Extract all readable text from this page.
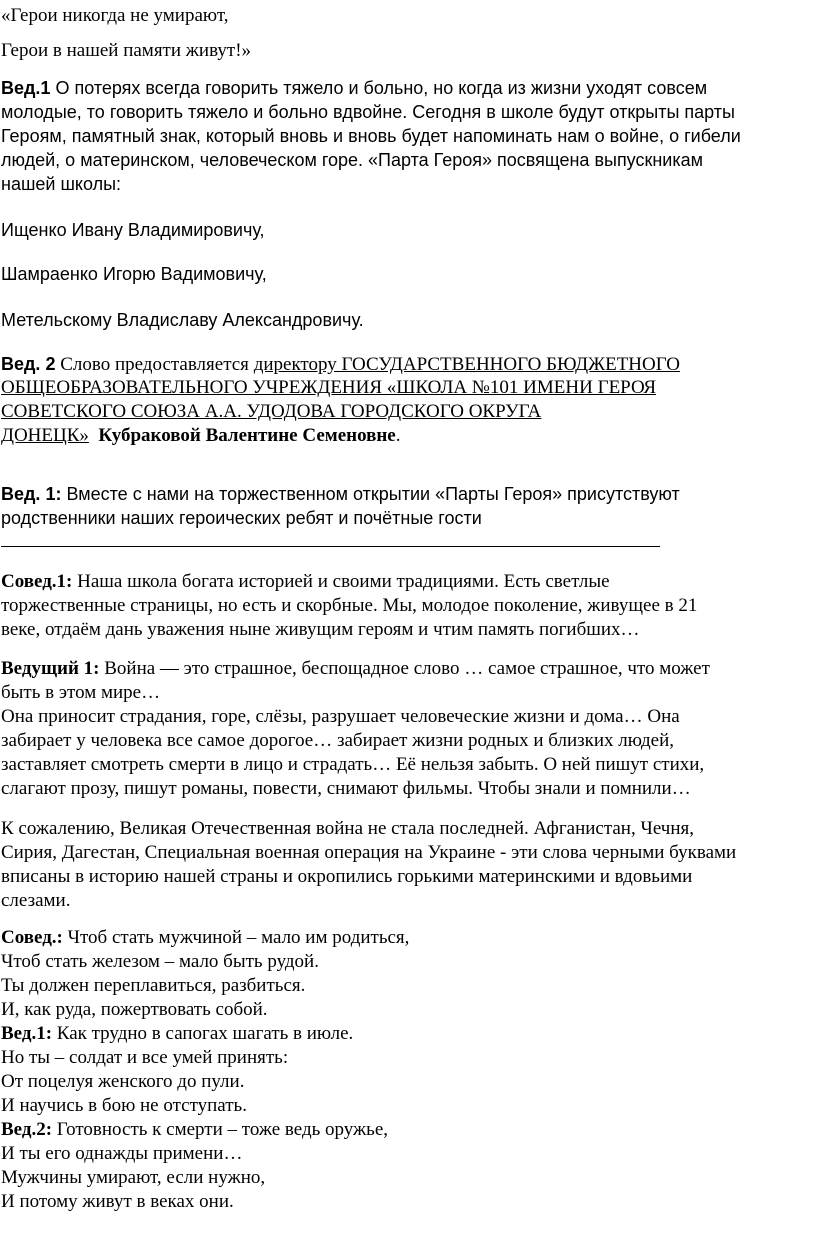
«Герои никогда не умирают,
Герои в нашей памяти живут!»
Вед.1 О потерях всегда говорить тяжело и больно, но когда из жизни уходят совсем
молодые, то говорить тяжело и больно вдвойне. Сегодня в школе будут открыты парты
Героям, памятный знак, который вновь и вновь будет напоминать нам о войне, о гибели
людей, о материнском, человеческом горе. «Парта Героя» посвящена выпускникам
нашей школы:
Ищенко Ивану Владимировичу,
Шамраенко Игорю Вадимовичу,
Метельскому Владиславу Александровичу.
Вед. 2 Слово предоставляется директору ГОСУДАРСТВЕННОГО БЮДЖЕТНОГО
ОБЩЕОБРАЗОВАТЕЛЬНОГО УЧРЕЖДЕНИЯ «ШКОЛА №101 ИМЕНИ ГЕРОЯ
СОВЕТСКОГО СОЮЗА А.А. УДОДОВА ГОРОДСКОГО ОКРУГА
ДОНЕЦК» Кубраковой Валентине Семеновне.
Вед. 1: Вместе с нами на торжественном открытии «Парты Героя» присутствуют
родственники наших героических ребят и почётные гости
Совед.1: Наша школа богата историей и своими традициями. Есть светлые
торжественные страницы, но есть и скорбные. Мы, молодое поколение, живущее в 21
веке, отдаём дань уважения ныне живущим героям и чтим память погибших…
Ведущий 1: Война — это страшное, беспощадное слово … самое страшное, что может
быть в этом мире…
Она приносит страдания, горе, слёзы, разрушает человеческие жизни и дома… Она
забирает у человека все самое дорогое… забирает жизни родных и близких людей,
заставляет смотреть смерти в лицо и страдать… Её нельзя забыть. О ней пишут стихи,
слагают прозу, пишут романы, повести, снимают фильмы. Чтобы знали и помнили…
К сожалению, Великая Отечественная война не стала последней. Афганистан, Чечня,
Сирия, Дагестан, Специальная военная операция на Украине - эти слова черными буквами
вписаны в историю нашей страны и окропились горькими материнскими и вдовьими
слезами.
Совед.: Чтоб стать мужчиной – мало им родиться,
Чтоб стать железом – мало быть рудой.
Ты должен переплавиться, разбиться.
И, как руда, пожертвовать собой.
Вед.1: Как трудно в сапогах шагать в июле.
Но ты – солдат и все умей принять:
От поцелуя женского до пули.
И научись в бою не отступать.
Вед.2: Готовность к смерти – тоже ведь оружье,
И ты его однажды примени…
Мужчины умирают, если нужно,
И потому живут в веках они.
